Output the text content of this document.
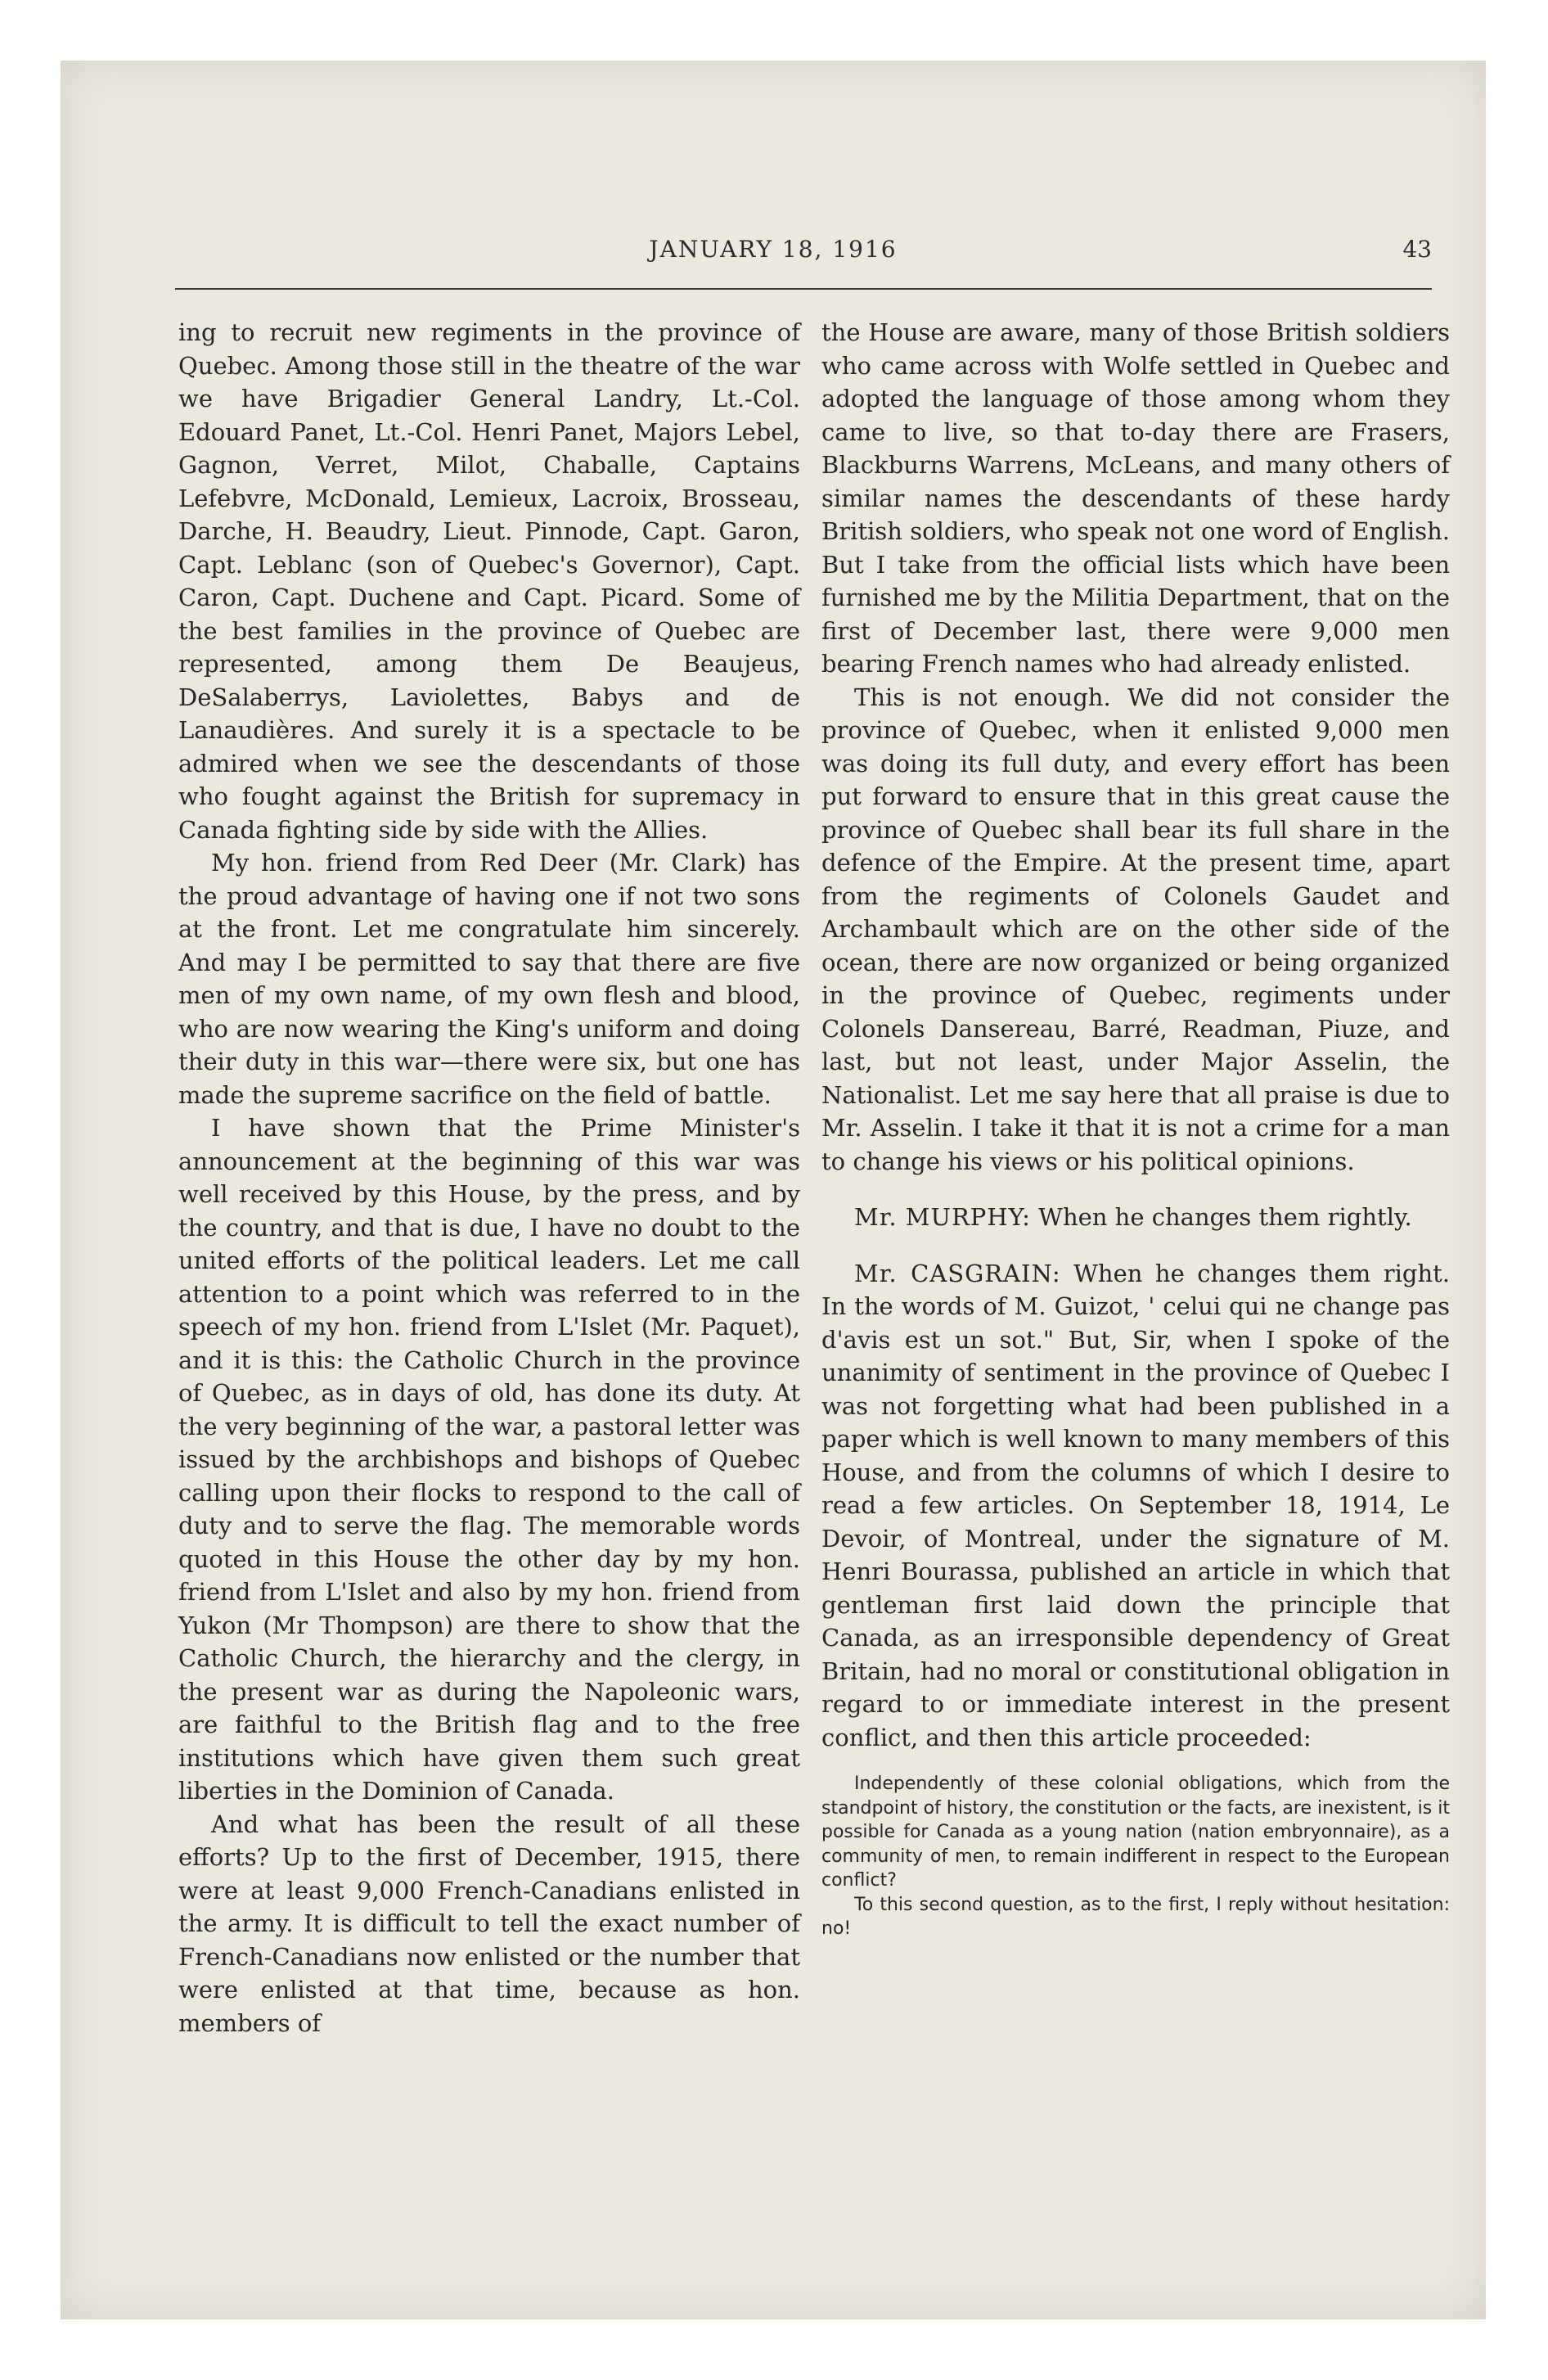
JANUARY 18, 1916	43

ing to recruit new regiments in the province of Quebec. Among those still in the theatre of the war we have Brigadier General Landry, Lt.-Col. Edouard Panet, Lt.-Col. Henri Panet, Majors Lebel, Gagnon, Verret, Milot, Chaballe, Captains Lefebvre, McDonald, Lemieux, Lacroix, Brosseau, Darche, H. Beaudry, Lieut. Pinnode, Capt. Garon, Capt. Leblanc (son of Quebec's Governor), Capt. Caron, Capt. Duchene and Capt. Picard. Some of the best families in the province of Quebec are represented, among them De Beaujeus, DeSalaberrys, Laviolettes, Babys and de Lanaudières. And surely it is a spectacle to be admired when we see the descendants of those who fought against the British for supremacy in Canada fighting side by side with the Allies.

My hon. friend from Red Deer (Mr. Clark) has the proud advantage of having one if not two sons at the front. Let me congratulate him sincerely. And may I be permitted to say that there are five men of my own name, of my own flesh and blood, who are now wearing the King's uniform and doing their duty in this war—there were six, but one has made the supreme sacrifice on the field of battle.

I have shown that the Prime Minister's announcement at the beginning of this war was well received by this House, by the press, and by the country, and that is due, I have no doubt to the united efforts of the political leaders. Let me call attention to a point which was referred to in the speech of my hon. friend from L'Islet (Mr. Paquet), and it is this: the Catholic Church in the province of Quebec, as in days of old, has done its duty. At the very beginning of the war, a pastoral letter was issued by the archbishops and bishops of Quebec calling upon their flocks to respond to the call of duty and to serve the flag. The memorable words quoted in this House the other day by my hon. friend from L'Islet and also by my hon. friend from Yukon (Mr Thompson) are there to show that the Catholic Church, the hierarchy and the clergy, in the present war as during the Napoleonic wars, are faithful to the British flag and to the free institutions which have given them such great liberties in the Dominion of Canada.

And what has been the result of all these efforts? Up to the first of December, 1915, there were at least 9,000 French-Canadians enlisted in the army. It is difficult to tell the exact number of French-Canadians now enlisted or the number that were enlisted at that time, because as hon. members of

the House are aware, many of those British soldiers who came across with Wolfe settled in Quebec and adopted the language of those among whom they came to live, so that to-day there are Frasers, Blackburns Warrens, McLeans, and many others of similar names the descendants of these hardy British soldiers, who speak not one word of English. But I take from the official lists which have been furnished me by the Militia Department, that on the first of December last, there were 9,000 men bearing French names who had already enlisted.

This is not enough. We did not consider the province of Quebec, when it enlisted 9,000 men was doing its full duty, and every effort has been put forward to ensure that in this great cause the province of Quebec shall bear its full share in the defence of the Empire. At the present time, apart from the regiments of Colonels Gaudet and Archambault which are on the other side of the ocean, there are now organized or being organized in the province of Quebec, regiments under Colonels Dansereau, Barré, Readman, Piuze, and last, but not least, under Major Asselin, the Nationalist. Let me say here that all praise is due to Mr. Asselin. I take it that it is not a crime for a man to change his views or his political opinions.

Mr. MURPHY: When he changes them rightly.

Mr. CASGRAIN: When he changes them right. In the words of M. Guizot, ' celui qui ne change pas d'avis est un sot." But, Sir, when I spoke of the unanimity of sentiment in the province of Quebec I was not forgetting what had been published in a paper which is well known to many members of this House, and from the columns of which I desire to read a few articles. On September 18, 1914, Le Devoir, of Montreal, under the signature of M. Henri Bourassa, published an article in which that gentleman first laid down the principle that Canada, as an irresponsible dependency of Great Britain, had no moral or constitutional obligation in regard to or immediate interest in the present conflict, and then this article proceeded:

Independently of these colonial obligations, which from the standpoint of history, the constitution or the facts, are inexistent, is it possible for Canada as a young nation (nation embryonnaire), as a community of men, to remain indifferent in respect to the European conflict?

To this second question, as to the first, I reply without hesitation: no!
